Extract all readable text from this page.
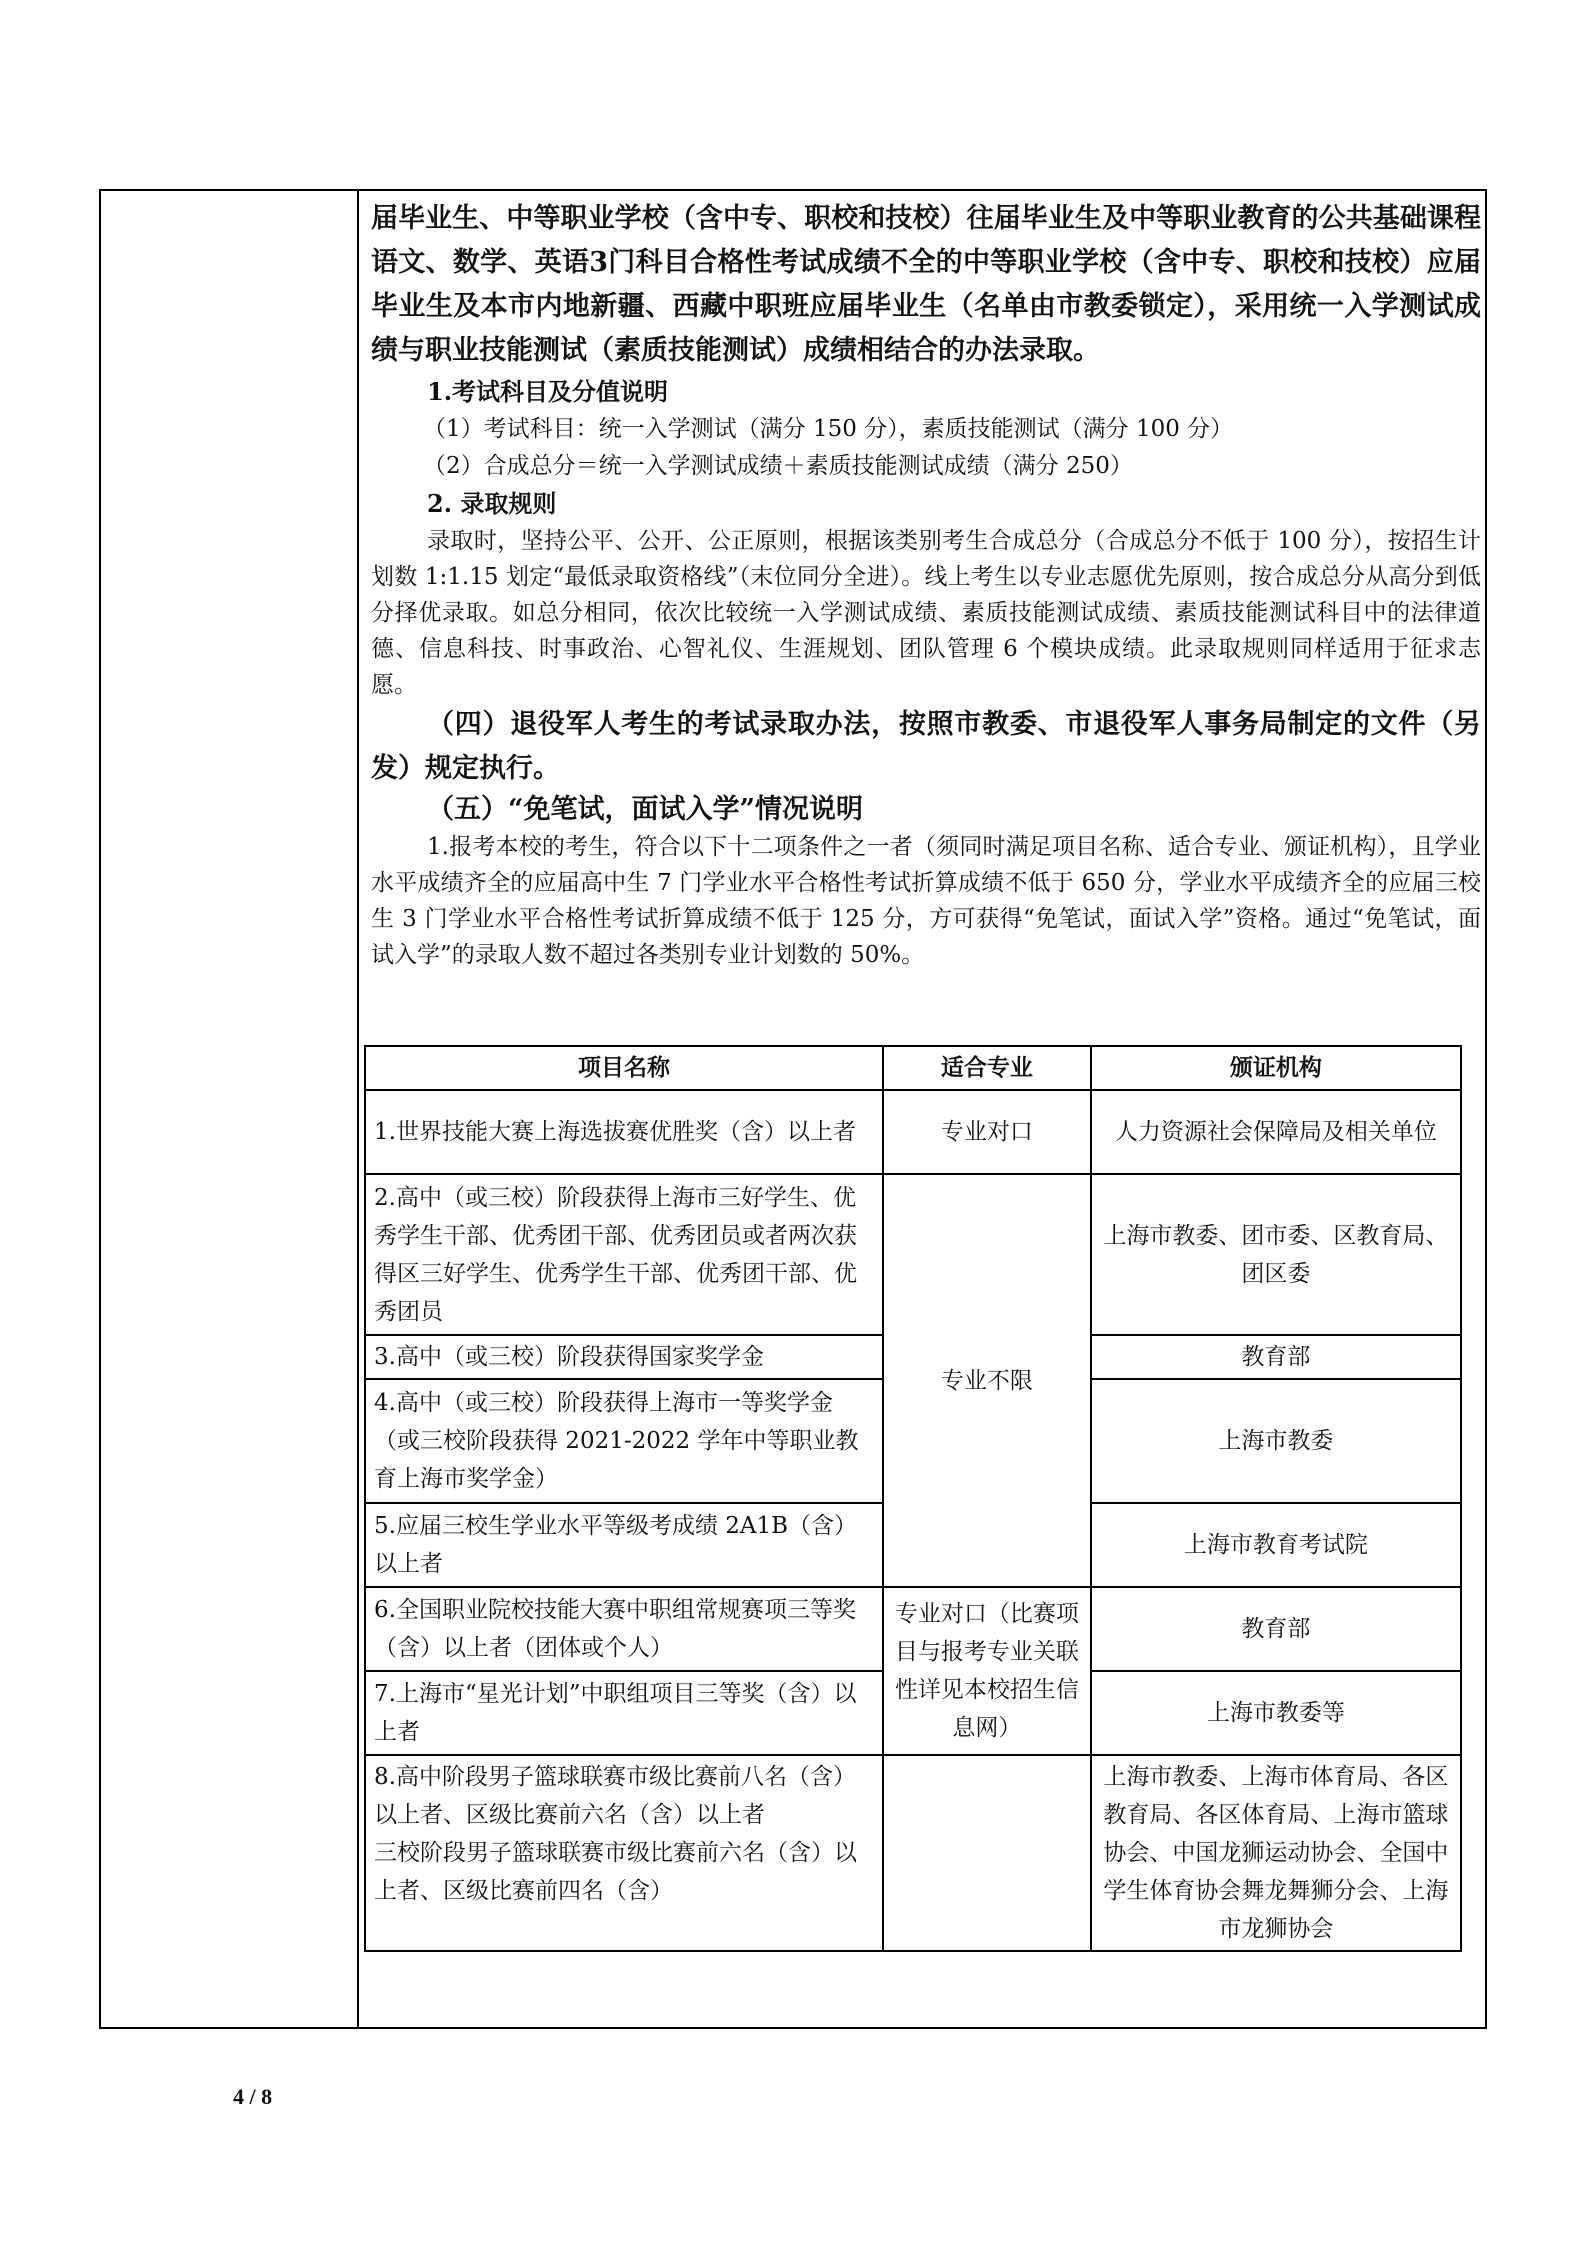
届毕业生、中等职业学校（含中专、职校和技校）往届毕业生及中等职业教育的公共基础课程语文、数学、英语3门科目合格性考试成绩不全的中等职业学校（含中专、职校和技校）应届毕业生及本市内地新疆、西藏中职班应届毕业生（名单由市教委锁定），采用统一入学测试成绩与职业技能测试（素质技能测试）成绩相结合的办法录取。

1.考试科目及分值说明

（1）考试科目：统一入学测试（满分 150 分），素质技能测试（满分 100 分）

（2）合成总分＝统一入学测试成绩＋素质技能测试成绩（满分 250）

2. 录取规则

录取时，坚持公平、公开、公正原则，根据该类别考生合成总分（合成总分不低于 100 分），按招生计划数 1:1.15 划定“最低录取资格线”（末位同分全进）。线上考生以专业志愿优先原则，按合成总分从高分到低分择优录取。如总分相同，依次比较统一入学测试成绩、素质技能测试成绩、素质技能测试科目中的法律道德、信息科技、时事政治、心智礼仪、生涯规划、团队管理 6 个模块成绩。此录取规则同样适用于征求志愿。

（四）退役军人考生的考试录取办法，按照市教委、市退役军人事务局制定的文件（另发）规定执行。

（五）“免笔试，面试入学”情况说明

1.报考本校的考生，符合以下十二项条件之一者（须同时满足项目名称、适合专业、颁证机构），且学业水平成绩齐全的应届高中生 7 门学业水平合格性考试折算成绩不低于 650 分，学业水平成绩齐全的应届三校生 3 门学业水平合格性考试折算成绩不低于 125 分，方可获得“免笔试，面试入学”资格。通过“免笔试，面试入学”的录取人数不超过各类别专业计划数的 50%。

项目名称	适合专业	颁证机构
1.世界技能大赛上海选拔赛优胜奖（含）以上者	专业对口	人力资源社会保障局及相关单位
2.高中（或三校）阶段获得上海市三好学生、优秀学生干部、优秀团干部、优秀团员或者两次获得区三好学生、优秀学生干部、优秀团干部、优秀团员	专业不限	上海市教委、团市委、区教育局、团区委
3.高中（或三校）阶段获得国家奖学金		教育部
4.高中（或三校）阶段获得上海市一等奖学金（或三校阶段获得 2021-2022 学年中等职业教育上海市奖学金）		上海市教委
5.应届三校生学业水平等级考成绩 2A1B（含）以上者		上海市教育考试院
6.全国职业院校技能大赛中职组常规赛项三等奖（含）以上者（团体或个人）	专业对口（比赛项目与报考专业关联性详见本校招生信息网）	教育部
7.上海市“星光计划”中职组项目三等奖（含）以上者		上海市教委等

8.高中阶段男子篮球联赛市级比赛前八名（含）以上者、区级比赛前六名（含）以上者
三校阶段男子篮球联赛市级比赛前六名（含）以上者、区级比赛前四名（含）		上海市教委、上海市体育局、各区教育局、各区体育局、上海市篮球协会、中国龙狮运动协会、全国中学生体育协会舞龙舞狮分会、上海市龙狮协会
4 / 8
